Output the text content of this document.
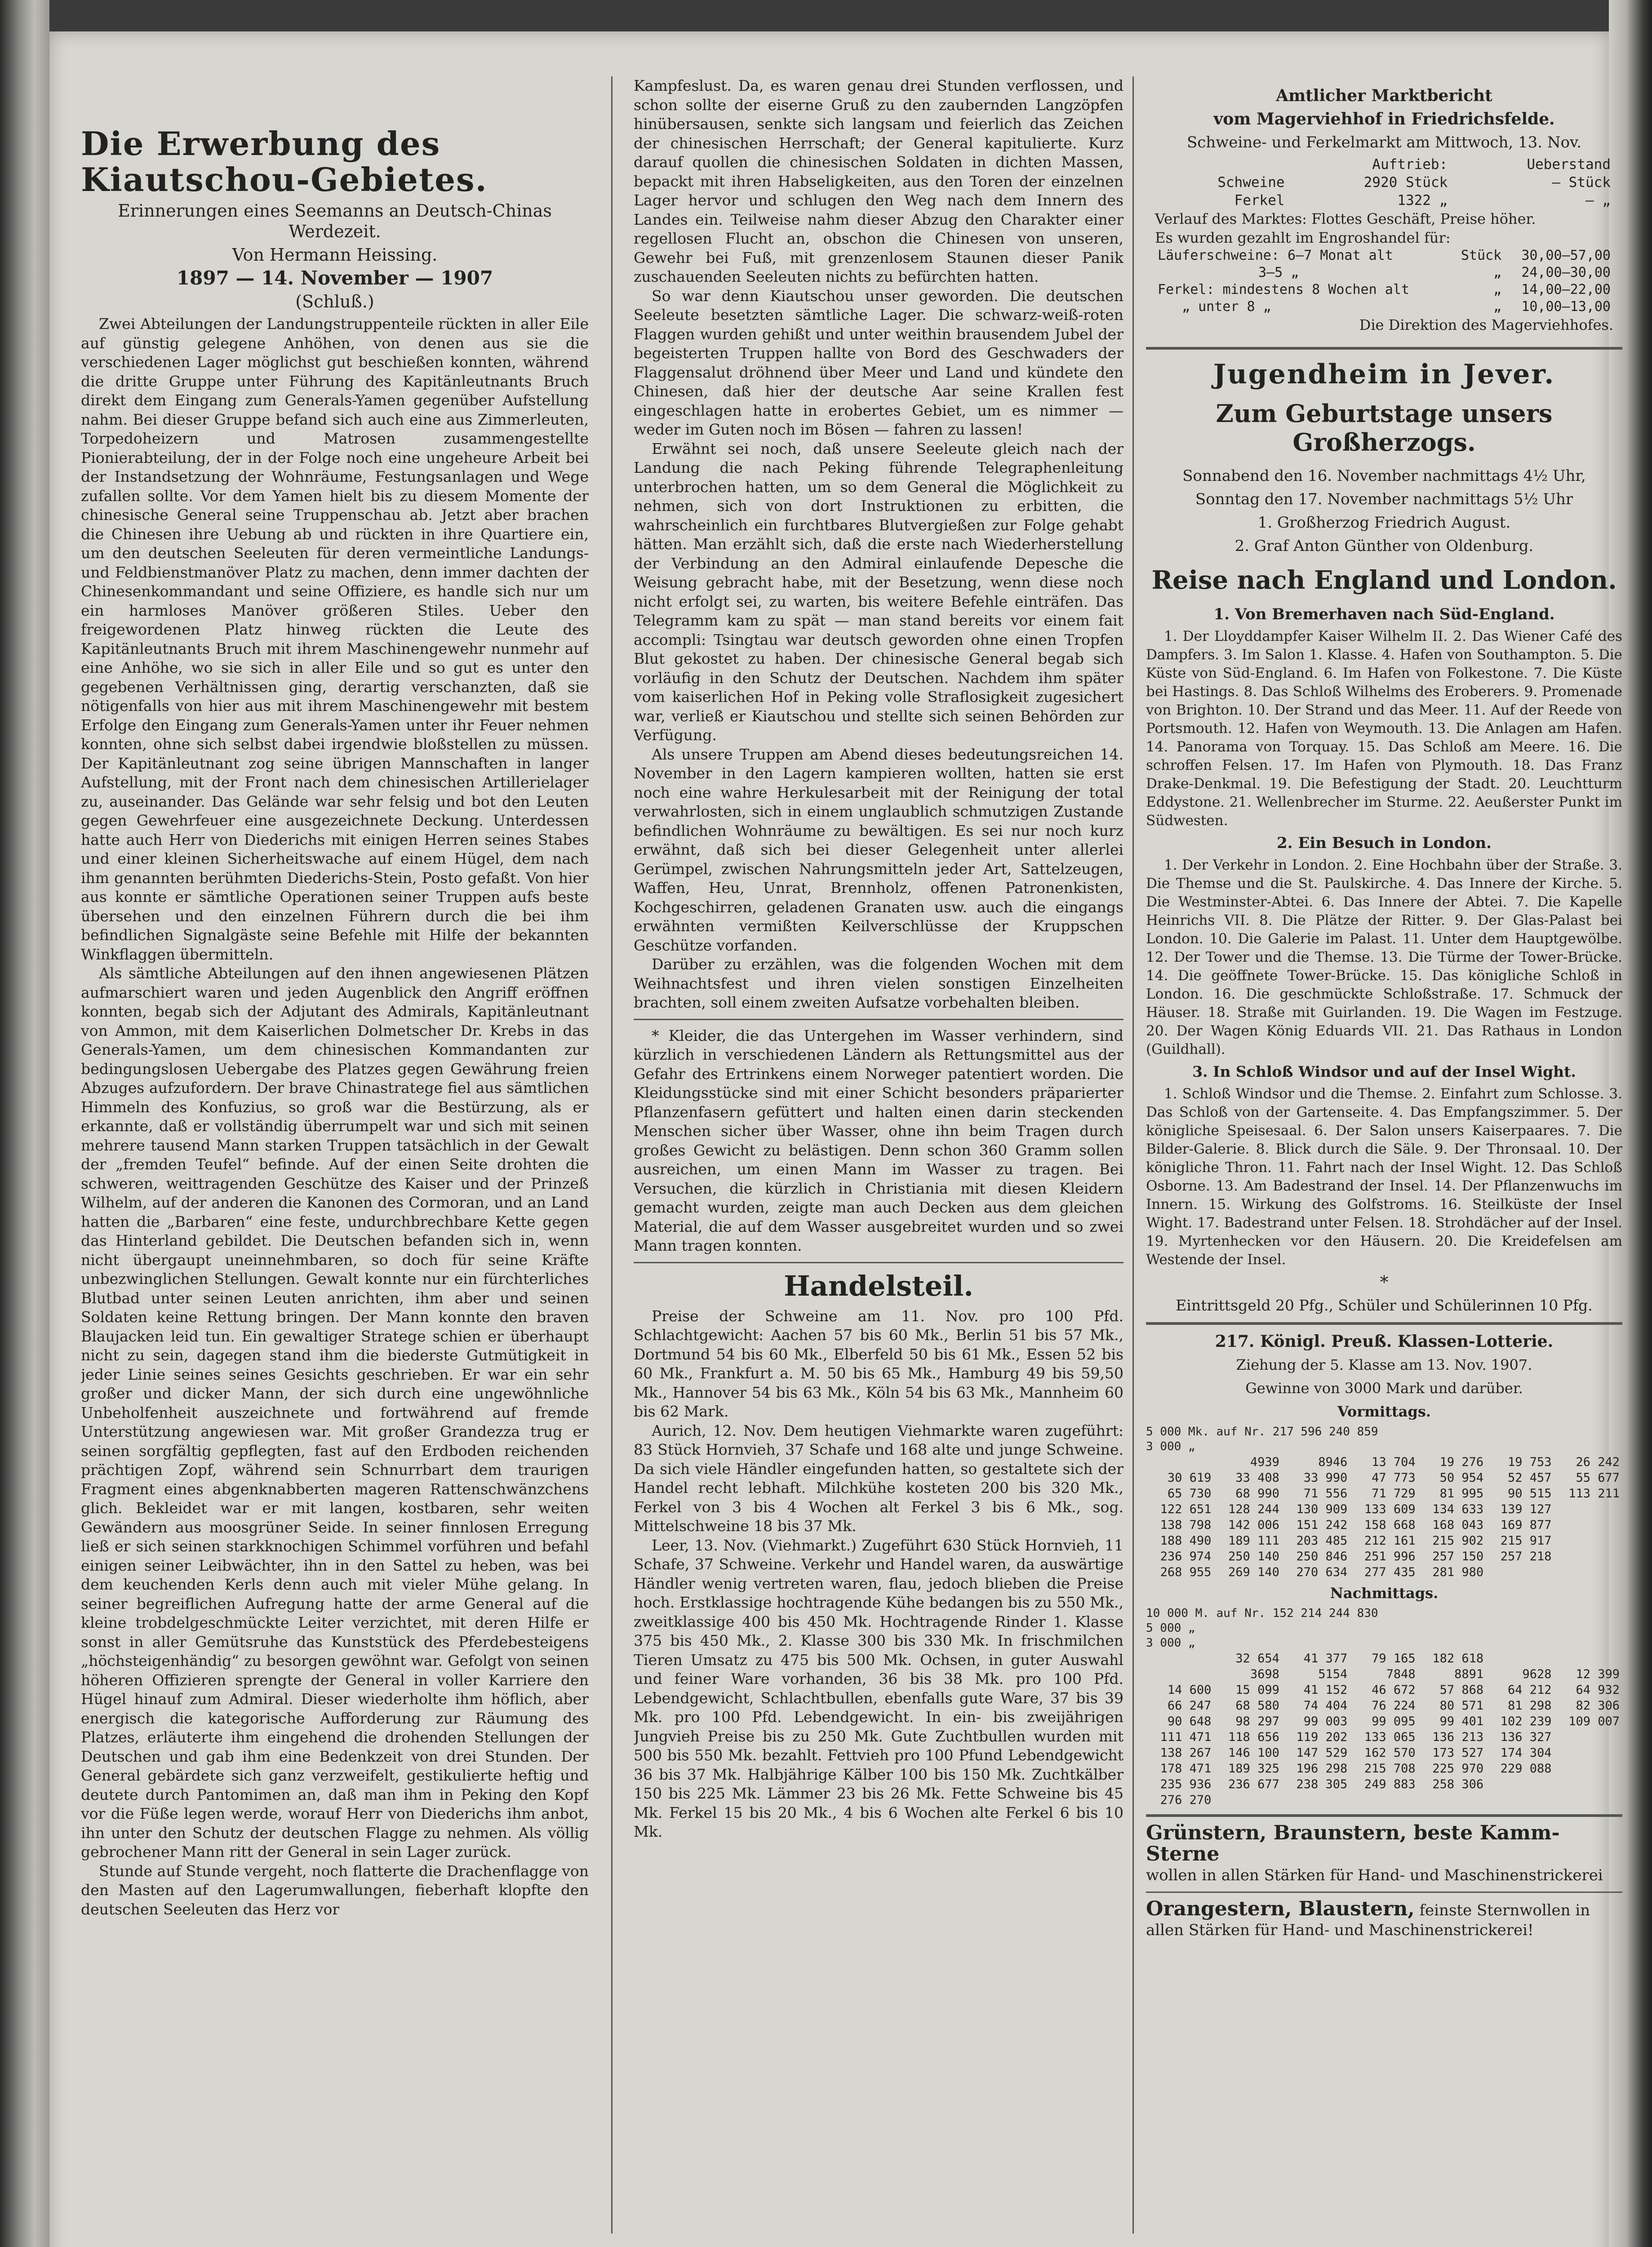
Die Erwerbung des Kiautschou-Gebietes.
Erinnerungen eines Seemanns an Deutsch-Chinas Werdezeit.
Von Hermann Heissing.
1897 — 14. November — 1907
(Schluß.)

Zwei Abteilungen der Landungstruppenteile rückten in aller Eile auf günstig gelegene Anhöhen, von denen aus sie die verschiedenen Lager möglichst gut beschießen konnten, während die dritte Gruppe unter Führung des Kapitänleutnants Bruch direkt dem Eingang zum Generals-Yamen gegenüber Aufstellung nahm. Bei dieser Gruppe befand sich auch eine aus Zimmerleuten, Torpedoheizern und Matrosen zusammengestellte Pionierabteilung, der in der Folge noch eine ungeheure Arbeit bei der Instandsetzung der Wohnräume, Festungsanlagen und Wege zufallen sollte. Vor dem Yamen hielt bis zu diesem Momente der chinesische General seine Truppenschau ab. Jetzt aber brachen die Chinesen ihre Uebung ab und rückten in ihre Quartiere ein, um den deutschen Seeleuten für deren vermeintliche Landungs- und Feldbienstmanöver Platz zu machen, denn immer dachten der Chinesenkommandant und seine Offiziere, es handle sich nur um ein harmloses Manöver größeren Stiles. Ueber den freigewordenen Platz hinweg rückten die Leute des Kapitänleutnants Bruch mit ihrem Maschinengewehr nunmehr auf eine Anhöhe, wo sie sich in aller Eile und so gut es unter den gegebenen Verhältnissen ging, derartig verschanzten, daß sie nötigenfalls von hier aus mit ihrem Maschinengewehr mit bestem Erfolge den Eingang zum Generals-Yamen unter ihr Feuer nehmen konnten, ohne sich selbst dabei irgendwie bloßstellen zu müssen. Der Kapitänleutnant zog seine übrigen Mannschaften in langer Aufstellung, mit der Front nach dem chinesischen Artillerielager zu, auseinander. Das Gelände war sehr felsig und bot den Leuten gegen Gewehrfeuer eine ausgezeichnete Deckung. Unterdessen hatte auch Herr von Diederichs mit einigen Herren seines Stabes und einer kleinen Sicherheitswache auf einem Hügel, dem nach ihm genannten berühmten Diederichs-Stein, Posto gefaßt. Von hier aus konnte er sämtliche Operationen seiner Truppen aufs beste übersehen und den einzelnen Führern durch die bei ihm befindlichen Signalgäste seine Befehle mit Hilfe der bekannten Winkflaggen übermitteln.

Als sämtliche Abteilungen auf den ihnen angewiesenen Plätzen aufmarschiert waren und jeden Augenblick den Angriff eröffnen konnten, begab sich der Adjutant des Admirals, Kapitänleutnant von Ammon, mit dem Kaiserlichen Dolmetscher Dr. Krebs in das Generals-Yamen, um dem chinesischen Kommandanten zur bedingungslosen Uebergabe des Platzes gegen Gewährung freien Abzuges aufzufordern. Der brave Chinastratege fiel aus sämtlichen Himmeln des Konfuzius, so groß war die Bestürzung, als er erkannte, daß er vollständig überrumpelt war und sich mit seinen mehrere tausend Mann starken Truppen tatsächlich in der Gewalt der „fremden Teufel“ befinde. Auf der einen Seite drohten die schweren, weittragenden Geschütze des Kaiser und der Prinzeß Wilhelm, auf der anderen die Kanonen des Cormoran, und an Land hatten die „Barbaren“ eine feste, undurchbrechbare Kette gegen das Hinterland gebildet. Die Deutschen befanden sich in, wenn nicht übergaupt uneinnehmbaren, so doch für seine Kräfte unbezwinglichen Stellungen. Gewalt konnte nur ein fürchterliches Blutbad unter seinen Leuten anrichten, ihm aber und seinen Soldaten keine Rettung bringen. Der Mann konnte den braven Blaujacken leid tun. Ein gewaltiger Stratege schien er überhaupt nicht zu sein, dagegen stand ihm die biederste Gutmütigkeit in jeder Linie seines seines Gesichts geschrieben. Er war ein sehr großer und dicker Mann, der sich durch eine ungewöhnliche Unbeholfenheit auszeichnete und fortwährend auf fremde Unterstützung angewiesen war. Mit großer Grandezza trug er seinen sorgfältig gepflegten, fast auf den Erdboden reichenden prächtigen Zopf, während sein Schnurrbart dem traurigen Fragment eines abgenknabberten mageren Rattenschwänzchens glich. Bekleidet war er mit langen, kostbaren, sehr weiten Gewändern aus moosgrüner Seide. In seiner finnlosen Erregung ließ er sich seinen starkknochigen Schimmel vorführen und befahl einigen seiner Leibwächter, ihn in den Sattel zu heben, was bei dem keuchenden Kerls denn auch mit vieler Mühe gelang. In seiner begreiflichen Aufregung hatte der arme General auf die kleine trobdelgeschmückte Leiter verzichtet, mit deren Hilfe er sonst in aller Gemütsruhe das Kunststück des Pferdebesteigens „höchsteigenhändig“ zu besorgen gewöhnt war. Gefolgt von seinen höheren Offizieren sprengte der General in voller Karriere den Hügel hinauf zum Admiral. Dieser wiederholte ihm höflich, aber energisch die kategorische Aufforderung zur Räumung des Platzes, erläuterte ihm eingehend die drohenden Stellungen der Deutschen und gab ihm eine Bedenkzeit von drei Stunden. Der General gebärdete sich ganz verzweifelt, gestikulierte heftig und deutete durch Pantomimen an, daß man ihm in Peking den Kopf vor die Füße legen werde, worauf Herr von Diederichs ihm anbot, ihn unter den Schutz der deutschen Flagge zu nehmen. Als völlig gebrochener Mann ritt der General in sein Lager zurück.

Stunde auf Stunde vergeht, noch flatterte die Drachenflagge von den Masten auf den Lagerumwallungen, fieberhaft klopfte den deutschen Seeleuten das Herz vor

Kampfeslust. Da, es waren genau drei Stunden verflossen, und schon sollte der eiserne Gruß zu den zaubernden Langzöpfen hinübersausen, senkte sich langsam und feierlich das Zeichen der chinesischen Herrschaft; der General kapitulierte. Kurz darauf quollen die chinesischen Soldaten in dichten Massen, bepackt mit ihren Habseligkeiten, aus den Toren der einzelnen Lager hervor und schlugen den Weg nach dem Innern des Landes ein. Teilweise nahm dieser Abzug den Charakter einer regellosen Flucht an, obschon die Chinesen von unseren, Gewehr bei Fuß, mit grenzenlosem Staunen dieser Panik zuschauenden Seeleuten nichts zu befürchten hatten.

So war denn Kiautschou unser geworden. Die deutschen Seeleute besetzten sämtliche Lager. Die schwarz-weiß-roten Flaggen wurden gehißt und unter weithin brausendem Jubel der begeisterten Truppen hallte von Bord des Geschwaders der Flaggensalut dröhnend über Meer und Land und kündete den Chinesen, daß hier der deutsche Aar seine Krallen fest eingeschlagen hatte in erobertes Gebiet, um es nimmer — weder im Guten noch im Bösen — fahren zu lassen!

Erwähnt sei noch, daß unsere Seeleute gleich nach der Landung die nach Peking führende Telegraphenleitung unterbrochen hatten, um so dem General die Möglichkeit zu nehmen, sich von dort Instruktionen zu erbitten, die wahrscheinlich ein furchtbares Blutvergießen zur Folge gehabt hätten. Man erzählt sich, daß die erste nach Wiederherstellung der Verbindung an den Admiral einlaufende Depesche die Weisung gebracht habe, mit der Besetzung, wenn diese noch nicht erfolgt sei, zu warten, bis weitere Befehle einträfen. Das Telegramm kam zu spät — man stand bereits vor einem fait accompli: Tsingtau war deutsch geworden ohne einen Tropfen Blut gekostet zu haben. Der chinesische General begab sich vorläufig in den Schutz der Deutschen. Nachdem ihm später vom kaiserlichen Hof in Peking volle Straflosigkeit zugesichert war, verließ er Kiautschou und stellte sich seinen Behörden zur Verfügung.

Als unsere Truppen am Abend dieses bedeutungsreichen 14. November in den Lagern kampieren wollten, hatten sie erst noch eine wahre Herkulesarbeit mit der Reinigung der total verwahrlosten, sich in einem unglaublich schmutzigen Zustande befindlichen Wohnräume zu bewältigen. Es sei nur noch kurz erwähnt, daß sich bei dieser Gelegenheit unter allerlei Gerümpel, zwischen Nahrungsmitteln jeder Art, Sattelzeugen, Waffen, Heu, Unrat, Brennholz, offenen Patronenkisten, Kochgeschirren, geladenen Granaten usw. auch die eingangs erwähnten vermißten Keilverschlüsse der Kruppschen Geschütze vorfanden.

Darüber zu erzählen, was die folgenden Wochen mit dem Weihnachtsfest und ihren vielen sonstigen Einzelheiten brachten, soll einem zweiten Aufsatze vorbehalten bleiben.

* Kleider, die das Untergehen im Wasser verhindern, sind kürzlich in verschiedenen Ländern als Rettungsmittel aus der Gefahr des Ertrinkens einem Norweger patentiert worden. Die Kleidungsstücke sind mit einer Schicht besonders präparierter Pflanzenfasern gefüttert und halten einen darin steckenden Menschen sicher über Wasser, ohne ihn beim Tragen durch großes Gewicht zu belästigen. Denn schon 360 Gramm sollen ausreichen, um einen Mann im Wasser zu tragen. Bei Versuchen, die kürzlich in Christiania mit diesen Kleidern gemacht wurden, zeigte man auch Decken aus dem gleichen Material, die auf dem Wasser ausgebreitet wurden und so zwei Mann tragen konnten.

Handelsteil.

Preise der Schweine am 11. Nov. pro 100 Pfd. Schlachtgewicht: Aachen 57 bis 60 Mk., Berlin 51 bis 57 Mk., Dortmund 54 bis 60 Mk., Elberfeld 50 bis 61 Mk., Essen 52 bis 60 Mk., Frankfurt a. M. 50 bis 65 Mk., Hamburg 49 bis 59,50 Mk., Hannover 54 bis 63 Mk., Köln 54 bis 63 Mk., Mannheim 60 bis 62 Mark.

Aurich, 12. Nov. Dem heutigen Viehmarkte waren zugeführt: 83 Stück Hornvieh, 37 Schafe und 168 alte und junge Schweine. Da sich viele Händler eingefunden hatten, so gestaltete sich der Handel recht lebhaft. Milchkühe kosteten 200 bis 320 Mk., Ferkel von 3 bis 4 Wochen alt Ferkel 3 bis 6 Mk., sog. Mittelschweine 18 bis 37 Mk.

Leer, 13. Nov. (Viehmarkt.) Zugeführt 630 Stück Hornvieh, 11 Schafe, 37 Schweine. Verkehr und Handel waren, da auswärtige Händler wenig vertreten waren, flau, jedoch blieben die Preise hoch. Erstklassige hochtragende Kühe bedangen bis zu 550 Mk., zweitklassige 400 bis 450 Mk. Hochtragende Rinder 1. Klasse 375 bis 450 Mk., 2. Klasse 300 bis 330 Mk. In frischmilchen Tieren Umsatz zu 475 bis 500 Mk. Ochsen, in guter Auswahl und feiner Ware vorhanden, 36 bis 38 Mk. pro 100 Pfd. Lebendgewicht, Schlachtbullen, ebenfalls gute Ware, 37 bis 39 Mk. pro 100 Pfd. Lebendgewicht. In ein- bis zweijährigen Jungvieh Preise bis zu 250 Mk. Gute Zuchtbullen wurden mit 500 bis 550 Mk. bezahlt. Fettvieh pro 100 Pfund Lebendgewicht 36 bis 37 Mk. Halbjährige Kälber 100 bis 150 Mk. Zuchtkälber 150 bis 225 Mk. Lämmer 23 bis 26 Mk. Fette Schweine bis 45 Mk. Ferkel 15 bis 20 Mk., 4 bis 6 Wochen alte Ferkel 6 bis 10 Mk.

Amtlicher Marktbericht
vom Magerviehhof in Friedrichsfelde.
Schweine- und Ferkelmarkt am Mittwoch, 13. Nov.
	Auftrieb:	Ueberstand
Schweine	2920 Stück	— Stück
Ferkel	1322 „	— „
Verlauf des Marktes: Flottes Geschäft, Preise höher.
Es wurden gezahlt im Engroshandel für:
Läuferschweine: 6—7 Monat alt	Stück	30,00—57,00
3—5 „	„	24,00—30,00
Ferkel: mindestens 8 Wochen alt	„	14,00—22,00
„ unter 8 „	„	10,00—13,00
Die Direktion des Magerviehhofes.
Jugendheim in Jever.
Zum Geburtstage unsers Großherzogs.
Sonnabend den 16. November nachmittags 4½ Uhr,
Sonntag den 17. November nachmittags 5½ Uhr
1. Großherzog Friedrich August.
2. Graf Anton Günther von Oldenburg.
Reise nach England und London.
1. Von Bremerhaven nach Süd-England.

1. Der Lloyddampfer Kaiser Wilhelm II. 2. Das Wiener Café des Dampfers. 3. Im Salon 1. Klasse. 4. Hafen von Southampton. 5. Die Küste von Süd-England. 6. Im Hafen von Folkestone. 7. Die Küste bei Hastings. 8. Das Schloß Wilhelms des Eroberers. 9. Promenade von Brighton. 10. Der Strand und das Meer. 11. Auf der Reede von Portsmouth. 12. Hafen von Weymouth. 13. Die Anlagen am Hafen. 14. Panorama von Torquay. 15. Das Schloß am Meere. 16. Die schroffen Felsen. 17. Im Hafen von Plymouth. 18. Das Franz Drake-Denkmal. 19. Die Befestigung der Stadt. 20. Leuchtturm Eddystone. 21. Wellenbrecher im Sturme. 22. Aeußerster Punkt im Südwesten.

2. Ein Besuch in London.

1. Der Verkehr in London. 2. Eine Hochbahn über der Straße. 3. Die Themse und die St. Paulskirche. 4. Das Innere der Kirche. 5. Die Westminster-Abtei. 6. Das Innere der Abtei. 7. Die Kapelle Heinrichs VII. 8. Die Plätze der Ritter. 9. Der Glas-Palast bei London. 10. Die Galerie im Palast. 11. Unter dem Hauptgewölbe. 12. Der Tower und die Themse. 13. Die Türme der Tower-Brücke. 14. Die geöffnete Tower-Brücke. 15. Das königliche Schloß in London. 16. Die geschmückte Schloßstraße. 17. Schmuck der Häuser. 18. Straße mit Guirlanden. 19. Die Wagen im Festzuge. 20. Der Wagen König Eduards VII. 21. Das Rathaus in London (Guildhall).

3. In Schloß Windsor und auf der Insel Wight.

1. Schloß Windsor und die Themse. 2. Einfahrt zum Schlosse. 3. Das Schloß von der Gartenseite. 4. Das Empfangszimmer. 5. Der königliche Speisesaal. 6. Der Salon unsers Kaiserpaares. 7. Die Bilder-Galerie. 8. Blick durch die Säle. 9. Der Thronsaal. 10. Der königliche Thron. 11. Fahrt nach der Insel Wight. 12. Das Schloß Osborne. 13. Am Badestrand der Insel. 14. Der Pflanzenwuchs im Innern. 15. Wirkung des Golfstroms. 16. Steilküste der Insel Wight. 17. Badestrand unter Felsen. 18. Strohdächer auf der Insel. 19. Myrtenhecken vor den Häusern. 20. Die Kreidefelsen am Westende der Insel.

*
Eintrittsgeld 20 Pfg., Schüler und Schülerinnen 10 Pfg.
217. Königl. Preuß. Klassen-Lotterie.
Ziehung der 5. Klasse am 13. Nov. 1907.
Gewinne von 3000 Mark und darüber.
Vormittags.
5 000 Mk. auf Nr. 217 596 240 859
3 000 „
	4939	8946	13 704	19 276	19 753	26 242
30 619	33 408	33 990	47 773	50 954	52 457	55 677
65 730	68 990	71 556	71 729	81 995	90 515	113 211
122 651	128 244	130 909	133 609	134 633	139 127	
138 798	142 006	151 242	158 668	168 043	169 877	
188 490	189 111	203 485	212 161	215 902	215 917	
236 974	250 140	250 846	251 996	257 150	257 218	
268 955	269 140	270 634	277 435	281 980		
Nachmittags.
10 000 M. auf Nr. 152 214 244 830
5 000 „
3 000 „
	32 654	41 377	79 165	182 618		
	3698	5154	7848	8891	9628	12 399
14 600	15 099	41 152	46 672	57 868	64 212	64 932
66 247	68 580	74 404	76 224	80 571	81 298	82 306
90 648	98 297	99 003	99 095	99 401	102 239	109 007
111 471	118 656	119 202	133 065	136 213	136 327	
138 267	146 100	147 529	162 570	173 527	174 304	
178 471	189 325	196 298	215 708	225 970	229 088	
235 936	236 677	238 305	249 883	258 306		
276 270						
Grünstern, Braunstern, beste Kamm-Sterne
wollen in allen Stärken für Hand- und Maschinenstrickerei
Orangestern, Blaustern, feinste Sternwollen in allen Stärken für Hand- und Maschinenstrickerei!
